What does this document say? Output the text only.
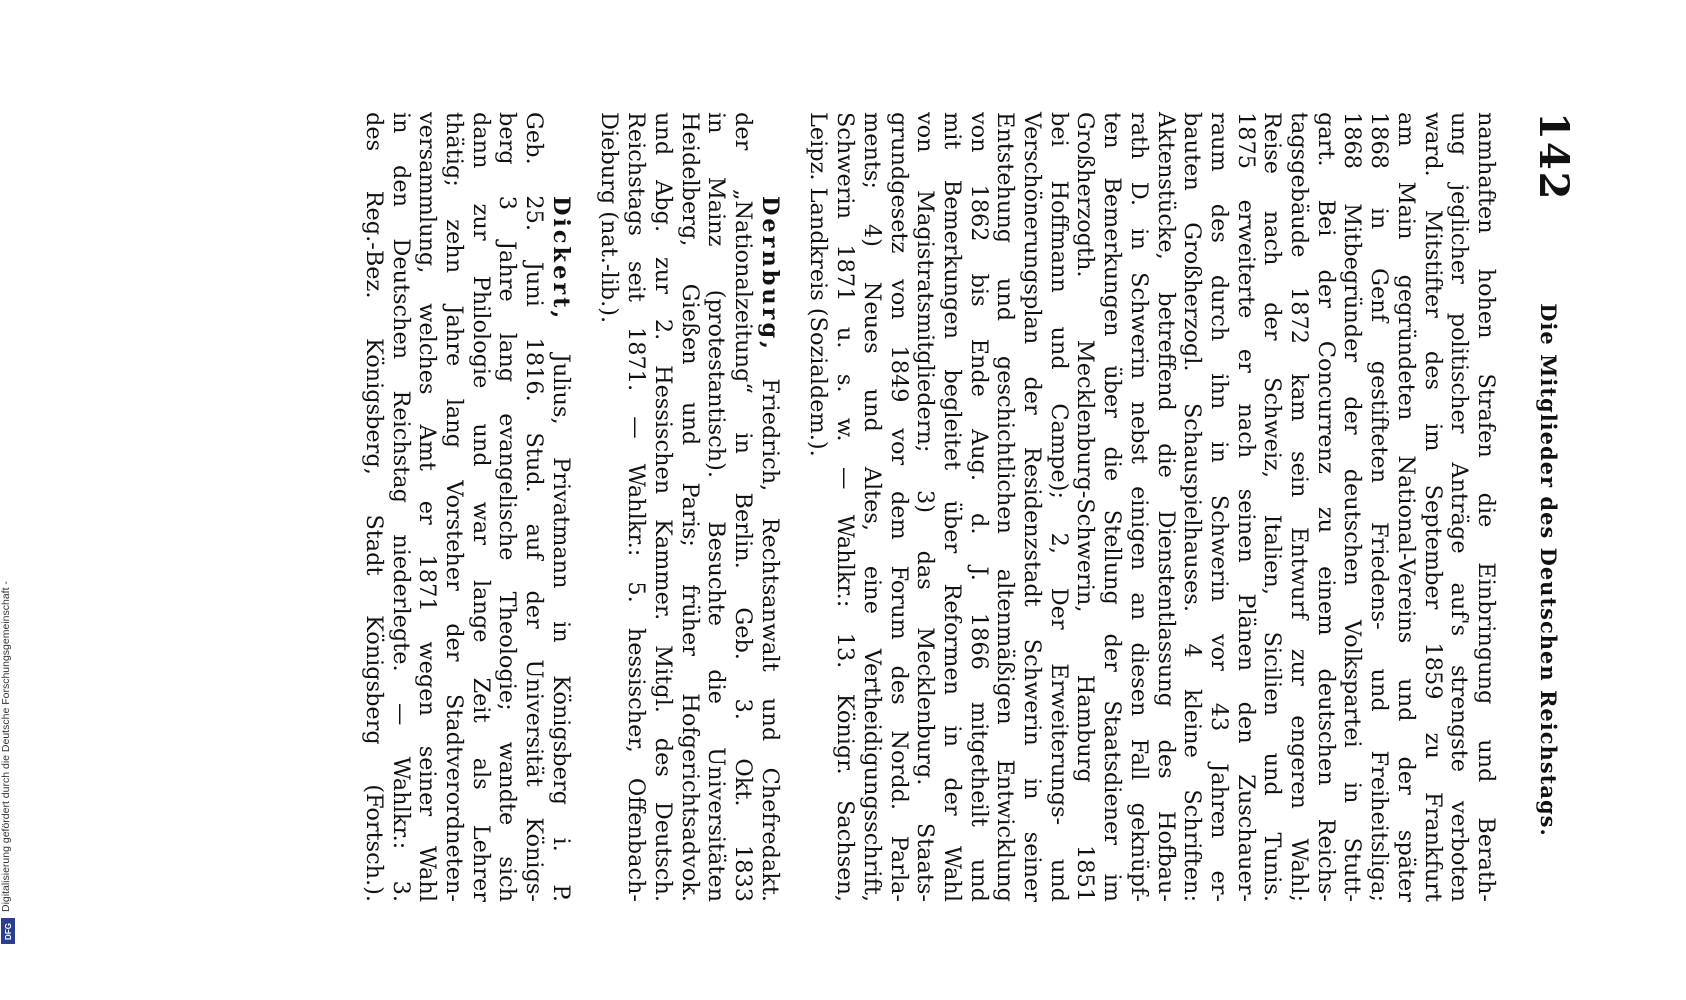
Digitalisierung gefördert durch die Deutsche Forschungsgemeinschaft -
DFG
142
Die Mitglieder des Deutschen Reichstags.
namhaften hohen Strafen die Einbringung und Berath-
ung jeglicher politischer Anträge auf's strengste verboten
ward. Mitstifter des im September 1859 zu Frankfurt
am Main gegründeten National-Vereins und der später
1868 in Genf gestifteten Friedens- und Freiheitsliga;
1868 Mitbegründer der deutschen Volkspartei in Stutt-
gart. Bei der Concurrenz zu einem deutschen Reichs-
tagsgebäude 1872 kam sein Entwurf zur engeren Wahl;
Reise nach der Schweiz, Italien, Sicilien und Tunis.
1875 erweiterte er nach seinen Plänen den Zuschauer-
raum des durch ihn in Schwerin vor 43 Jahren er-
bauten Großherzogl. Schauspielhauses. 4 kleine Schriften:
Aktenstücke, betreffend die Dienstentlassung des Hofbau-
rath D. in Schwerin nebst einigen an diesen Fall geknüpf-
ten Bemerkungen über die Stellung der Staatsdiener im
Großherzogth. Mecklenburg-Schwerin, Hamburg 1851
bei Hoffmann und Campe); 2, Der Erweiterungs- und
Verschönerungsplan der Residenzstadt Schwerin in seiner
Entstehung und geschichtlichen altenmäßigen Entwicklung
von 1862 bis Ende Aug. d. J. 1866 mitgetheilt und
mit Bemerkungen begleitet über Reformen in der Wahl
von Magistratsmitgliedern; 3) das Mecklenburg. Staats-
grundgesetz von 1849 vor dem Forum des Nordd. Parla-
ments; 4) Neues und Altes, eine Vertheidigungsschrift,
Schwerin 1871 u. s. w. — Wahlkr.: 13. Königr. Sachsen,
Leipz. Landkreis (Sozialdem.).
Dernburg, Friedrich, Rechtsanwalt und Chefredakt.
der „Nationalzeitung“ in Berlin. Geb. 3. Okt. 1833
in Mainz (protestantisch). Besuchte die Universitäten
Heidelberg, Gießen und Paris; früher Hofgerichtsadvok.
und Abg. zur 2. Hessischen Kammer. Mitgl. des Deutsch.
Reichstags seit 1871. — Wahlkr.: 5. hessischer, Offenbach-
Dieburg (nat.-lib.).
Dickert, Julius, Privatmann in Königsberg i. P.
Geb. 25. Juni 1816. Stud. auf der Universität Königs-
berg 3 Jahre lang evangelische Theologie; wandte sich
dann zur Philologie und war lange Zeit als Lehrer
thätig; zehn Jahre lang Vorsteher der Stadtverordneten-
versammlung, welches Amt er 1871 wegen seiner Wahl
in den Deutschen Reichstag niederlegte. — Wahlkr.: 3.
des Reg.-Bez. Königsberg, Stadt Königsberg (Fortsch.).
